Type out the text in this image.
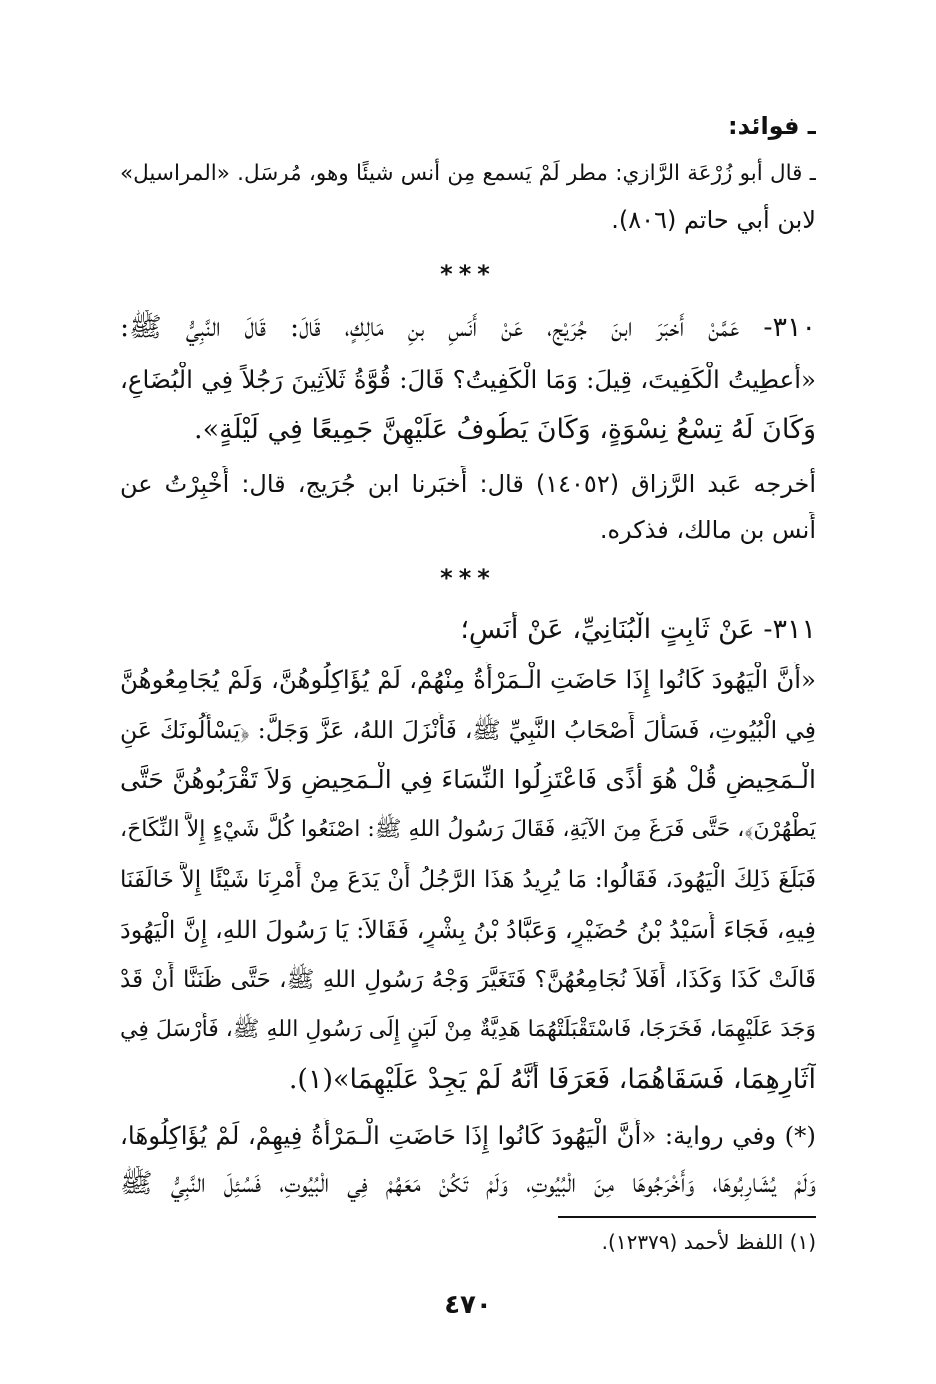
ـ فوائد:
ـ قال أبو زُرْعَة الرَّازي: مطر لَمْ يَسمع مِن أنس شيئًا وهو، مُرسَل. «المراسيل»
لابن أبي حاتم (٨٠٦).
***
٣١٠- عَمَّنْ أَخبَرَ ابنَ جُرَيْجٍ، عَنْ أَنَسِ بنِ مَالِكٍ، قَالَ: قَالَ النَّبِيُّ ﷺ:
«أُعطِيتُ الْكَفِيتَ، قِيلَ: وَمَا الْكَفِيتُ؟ قَالَ: قُوَّةُ ثَلاَثِينَ رَجُلاً فِي الْبُضَاعِ،
وَكَانَ لَهُ تِسْعُ نِسْوَةٍ، وَكَانَ يَطُوفُ عَلَيْهِنَّ جَمِيعًا فِي لَيْلَةٍ».
أخرجه عَبد الرَّزاق (١٤٠٥٢) قال: أَخبَرنا ابن جُرَيج، قال: أُخْبِرْتُ عن
أَنس بن مالك، فذكره.
***
٣١١- عَنْ ثَابِتٍ الْبُنَانِيِّ، عَنْ أَنَسٍ؛
«أَنَّ الْيَهُودَ كَانُوا إِذَا حَاضَتِ الْـمَرْأَةُ مِنْهُمْ، لَمْ يُؤَاكِلُوهُنَّ، وَلَمْ يُجَامِعُوهُنَّ
فِي الْبُيُوتِ، فَسَأَلَ أَصْحَابُ النَّبِيِّ ﷺ، فَأَنْزَلَ اللهُ، عَزَّ وَجَلَّ: ﴿يَسْأَلُونَكَ عَنِ
الْـمَحِيضِ قُلْ هُوَ أَذًى فَاعْتَزِلُوا النِّسَاءَ فِي الْـمَحِيضِ وَلاَ تَقْرَبُوهُنَّ حَتَّى
يَطْهُرْنَ﴾، حَتَّى فَرَغَ مِنَ الآيَةِ، فَقَالَ رَسُولُ اللهِ ﷺ: اصْنَعُوا كُلَّ شَيْءٍ إِلاَّ النِّكَاحَ،
فَبَلَغَ ذَلِكَ الْيَهُودَ، فَقَالُوا: مَا يُرِيدُ هَذَا الرَّجُلُ أَنْ يَدَعَ مِنْ أَمْرِنَا شَيْئًا إِلاَّ خَالَفَنَا
فِيهِ، فَجَاءَ أُسَيْدُ بْنُ حُضَيْرٍ، وَعَبَّادُ بْنُ بِشْرٍ، فَقَالاَ: يَا رَسُولَ اللهِ، إِنَّ الْيَهُودَ
قَالَتْ كَذَا وَكَذَا، أَفَلاَ نُجَامِعُهُنَّ؟ فَتَغَيَّرَ وَجْهُ رَسُولِ اللهِ ﷺ، حَتَّى ظَنَنَّا أَنْ قَدْ
وَجَدَ عَلَيْهِمَا، فَخَرَجَا، فَاسْتَقْبَلَتْهُمَا هَدِيَّةٌ مِنْ لَبَنٍ إِلَى رَسُولِ اللهِ ﷺ، فَأَرْسَلَ فِي
آثَارِهِمَا، فَسَقَاهُمَا، فَعَرَفَا أَنَّهُ لَمْ يَجِدْ عَلَيْهِمَا»(١).
(*) وفي رواية: «أَنَّ الْيَهُودَ كَانُوا إِذَا حَاضَتِ الْـمَرْأَةُ فِيهِمْ، لَمْ يُؤَاكِلُوهَا،
وَلَمْ يُشَارِبُوهَا، وَأَخْرَجُوهَا مِنَ الْبُيُوتِ، وَلَمْ تَكُنْ مَعَهُمْ فِي الْبُيُوتِ، فَسُئِلَ النَّبِيُّ ﷺ
(١) اللفظ لأحمد (١٢٣٧٩).
٤٧٠
